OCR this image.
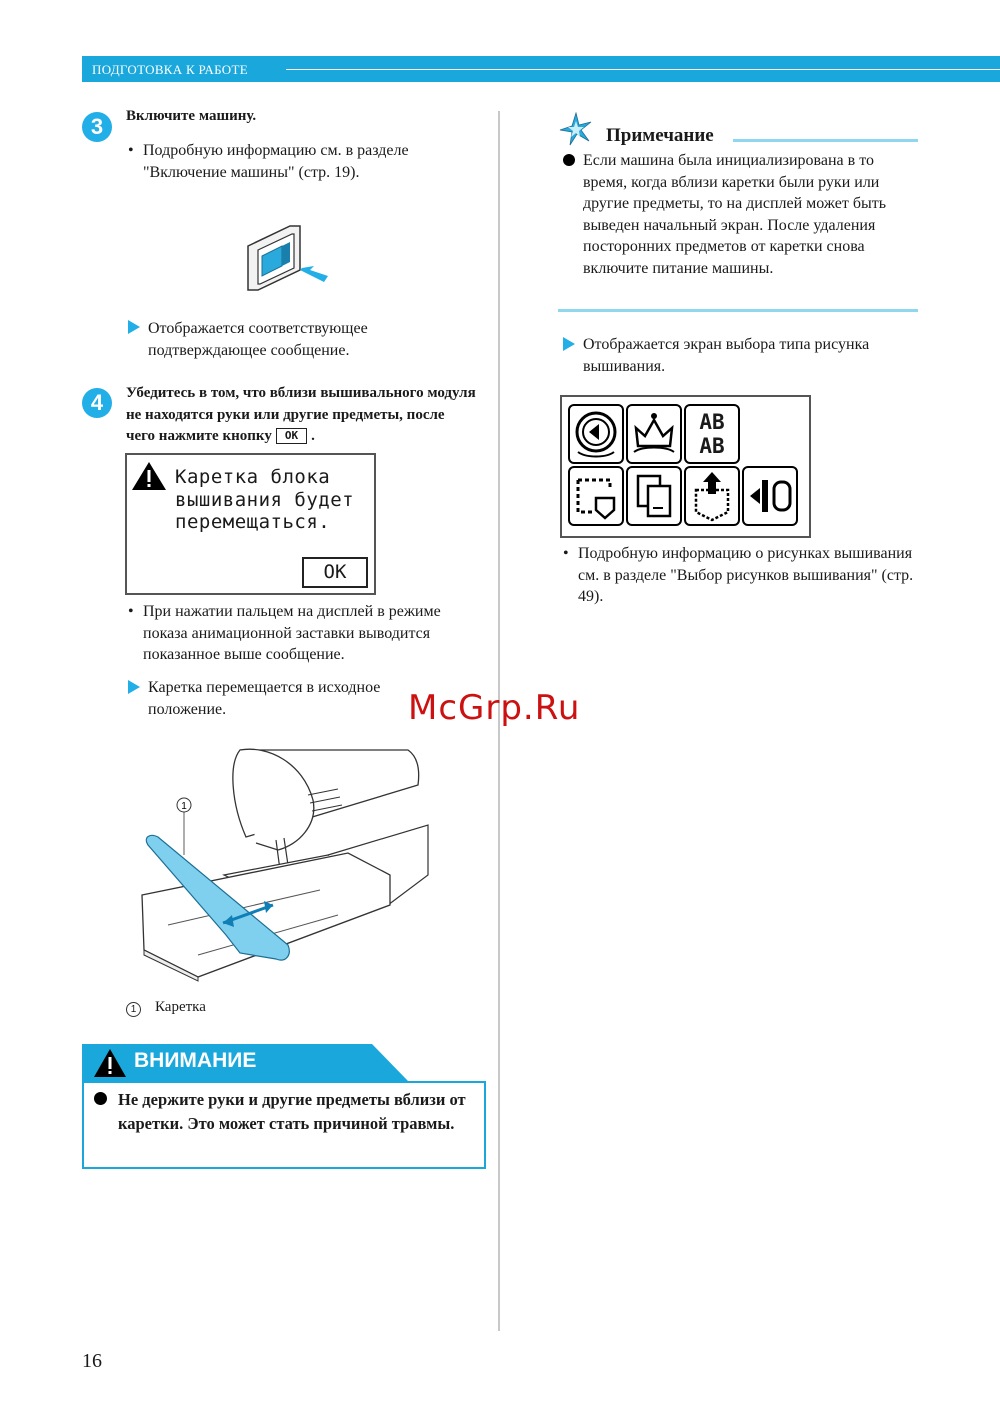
ПОДГОТОВКА К РАБОТЕ
3	Включите машину.
• Подробную информацию см. в разделе "Включение машины" (стр. 19).
Отображается соответствующее подтверждающее сообщение.
4	Убедитесь в том, что вблизи вышивального модуля не находятся руки или другие предметы, после чего нажмите кнопку OK .
Каретка блока вышивания будет перемещаться.
OK
• При нажатии пальцем на дисплей в режиме показа анимационной заставки выводится показанное выше сообщение.
Каретка перемещается в исходное положение.
1
1	Каретка
ВНИМАНИЕ
Не держите руки и другие предметы вблизи от каретки. Это может стать причиной травмы.
Примечание
Если машина была инициализирована в то время, когда вблизи каретки были руки или другие предметы, то на дисплей может быть выведен начальный экран. После удаления посторонних предметов от каретки снова включите питание машины.
Отображается экран выбора типа рисунка вышивания.
AB
AB
• Подробную информацию о рисунках вышивания см. в разделе "Выбор рисунков вышивания" (стр. 49).
McGrp.Ru
16
